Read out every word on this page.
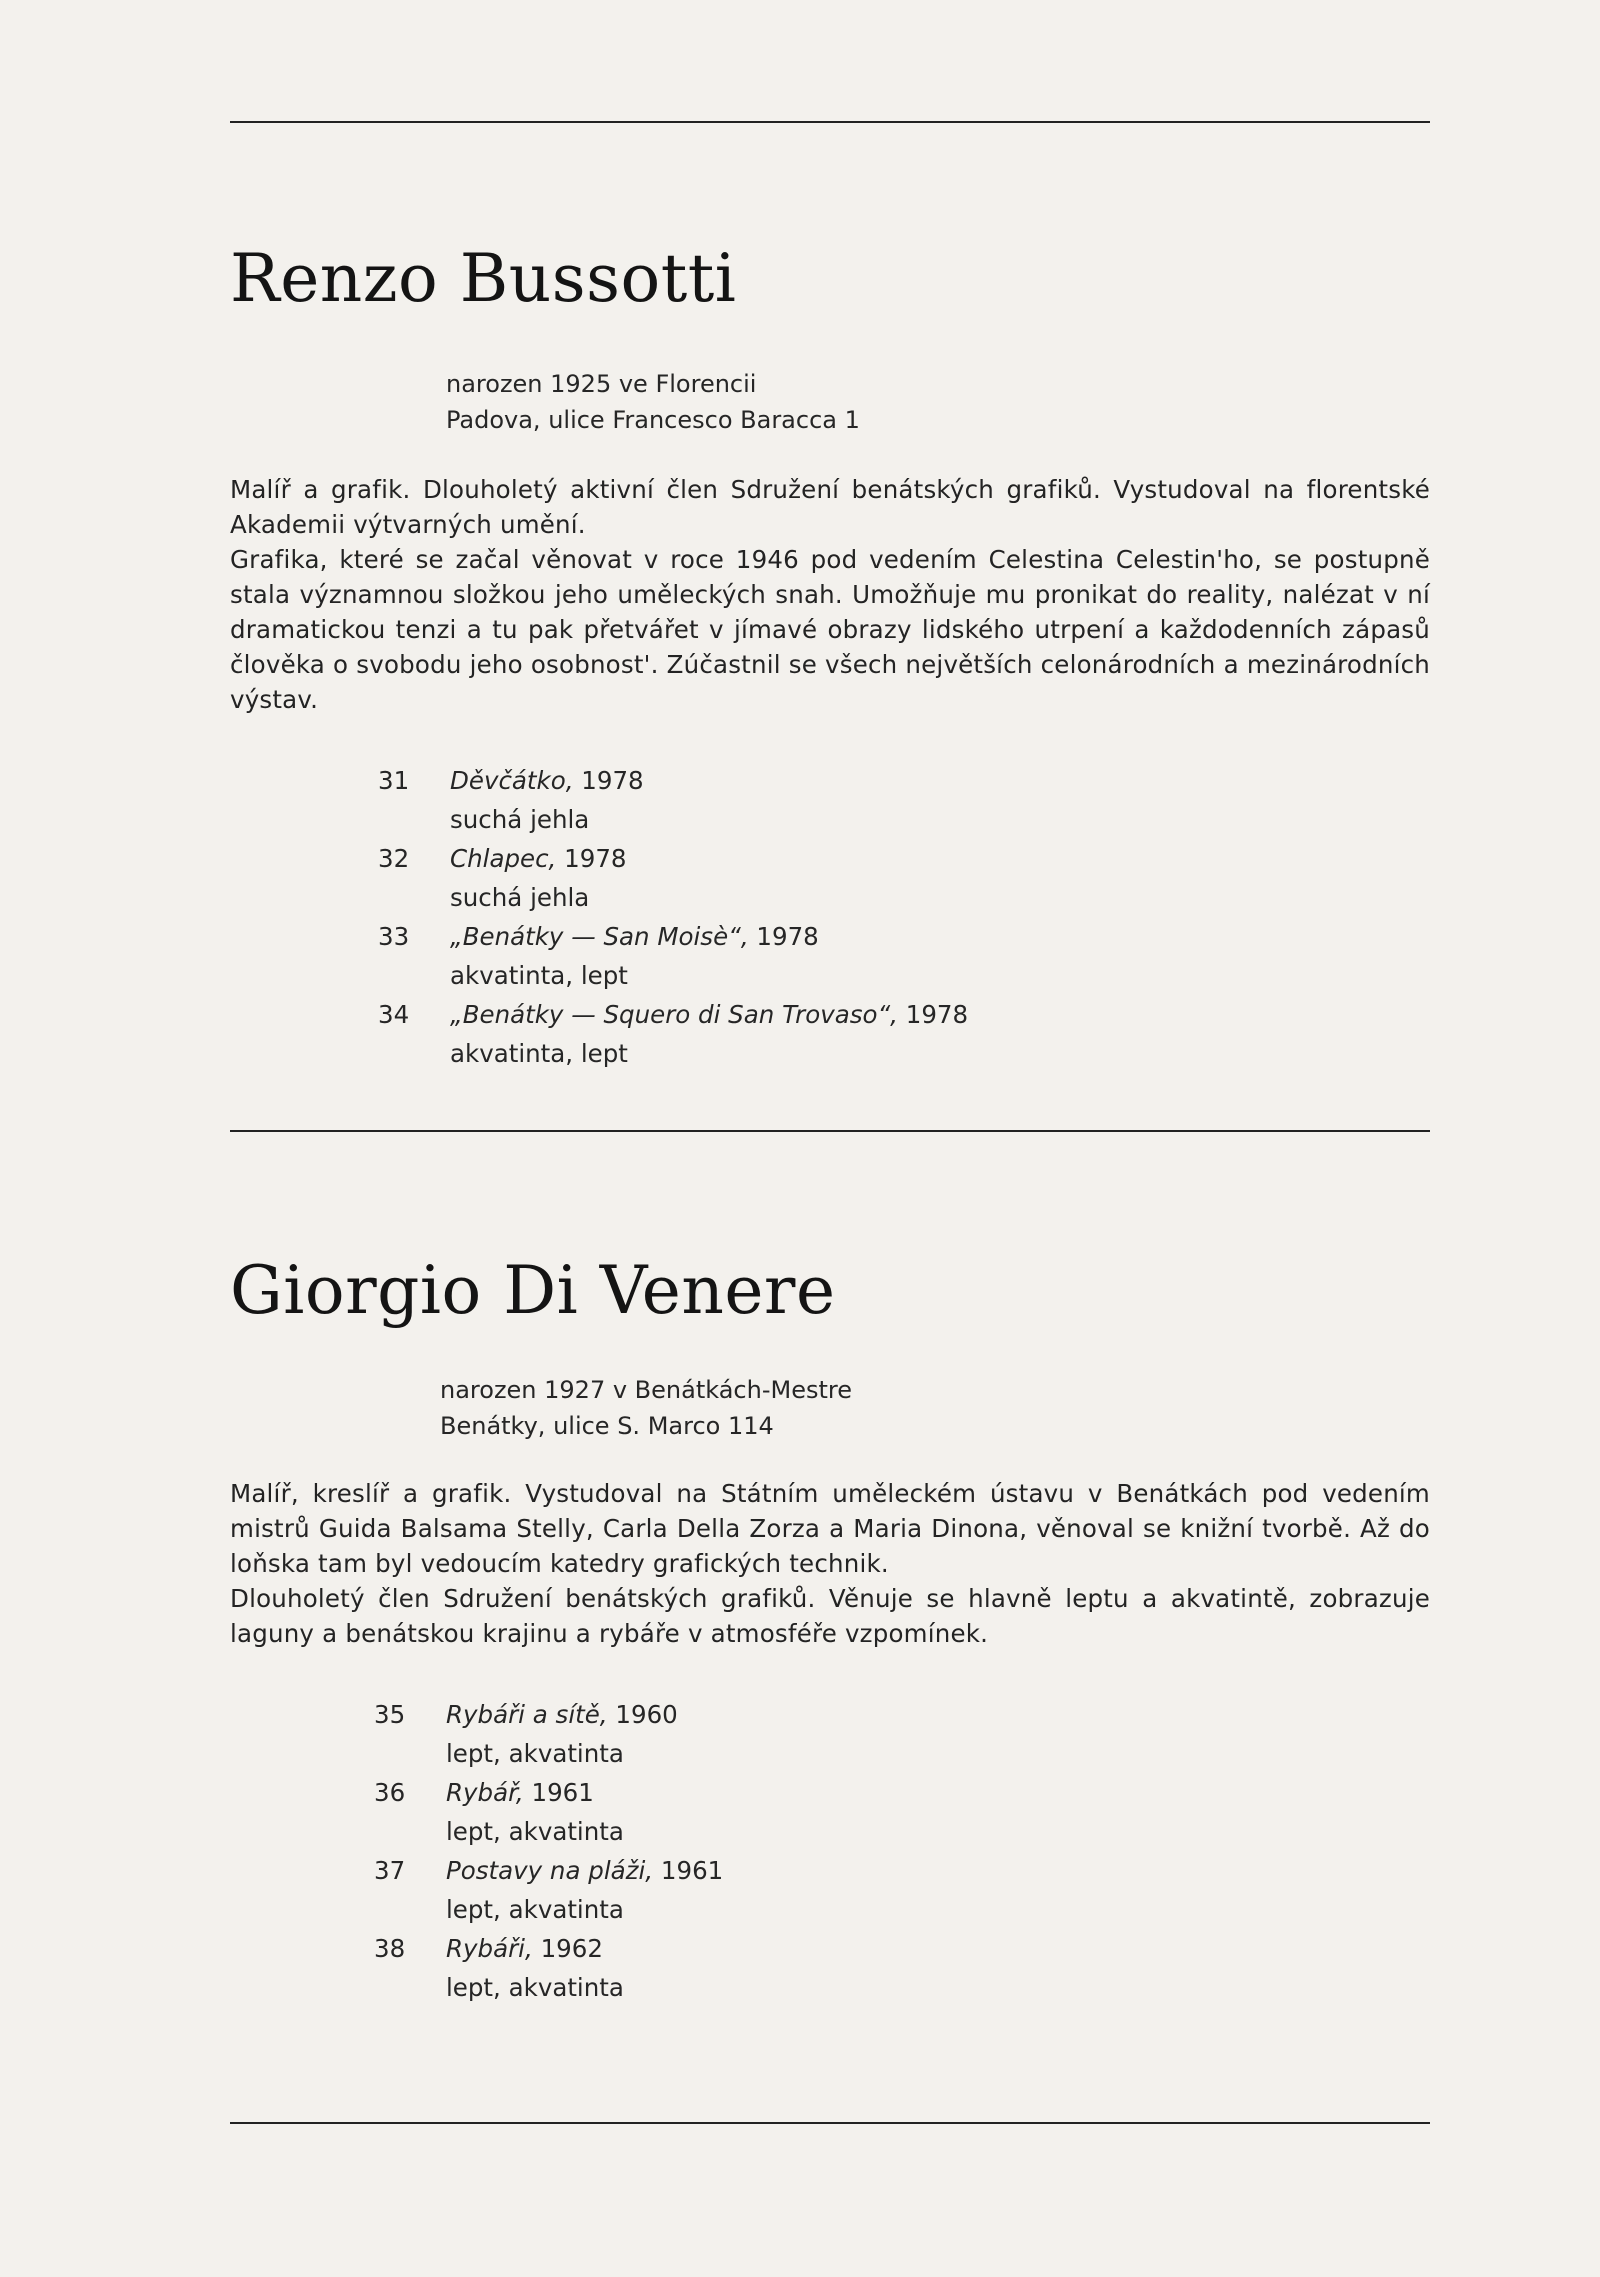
Renzo Bussotti
narozen 1925 ve Florencii
Padova, ulice Francesco Baracca 1

Malíř a grafik. Dlouholetý aktivní člen Sdružení benátských grafiků. Vystudoval na florentské Akademii výtvarných umění.

Grafika, které se začal věnovat v roce 1946 pod vedením Celestina Celestin'ho, se postupně stala významnou složkou jeho uměleckých snah. Umožňuje mu pronikat do reality, nalézat v ní dramatickou tenzi a tu pak přetvářet v jímavé obrazy lidského utrpení a každodenních zápasů člověka o svobodu jeho osobnost'. Zúčastnil se všech největších celonárodních a mezinárodních výstav.

31	Děvčátko, 1978
suchá jehla
32	Chlapec, 1978
suchá jehla
33	„Benátky — San Moisè“, 1978
akvatinta, lept
34	„Benátky — Squero di San Trovaso“, 1978
akvatinta, lept
Giorgio Di Venere
narozen 1927 v Benátkách-Mestre
Benátky, ulice S. Marco 114

Malíř, kreslíř a grafik. Vystudoval na Státním uměleckém ústavu v Benátkách pod vedením mistrů Guida Balsama Stelly, Carla Della Zorza a Maria Dinona, věnoval se knižní tvorbě. Až do loňska tam byl vedoucím katedry grafických technik.

Dlouholetý člen Sdružení benátských grafiků. Věnuje se hlavně leptu a akvatintě, zobrazuje laguny a benátskou krajinu a rybáře v atmosféře vzpomínek.

35	Rybáři a sítě, 1960
lept, akvatinta
36	Rybář, 1961
lept, akvatinta
37	Postavy na pláži, 1961
lept, akvatinta
38	Rybáři, 1962
lept, akvatinta
